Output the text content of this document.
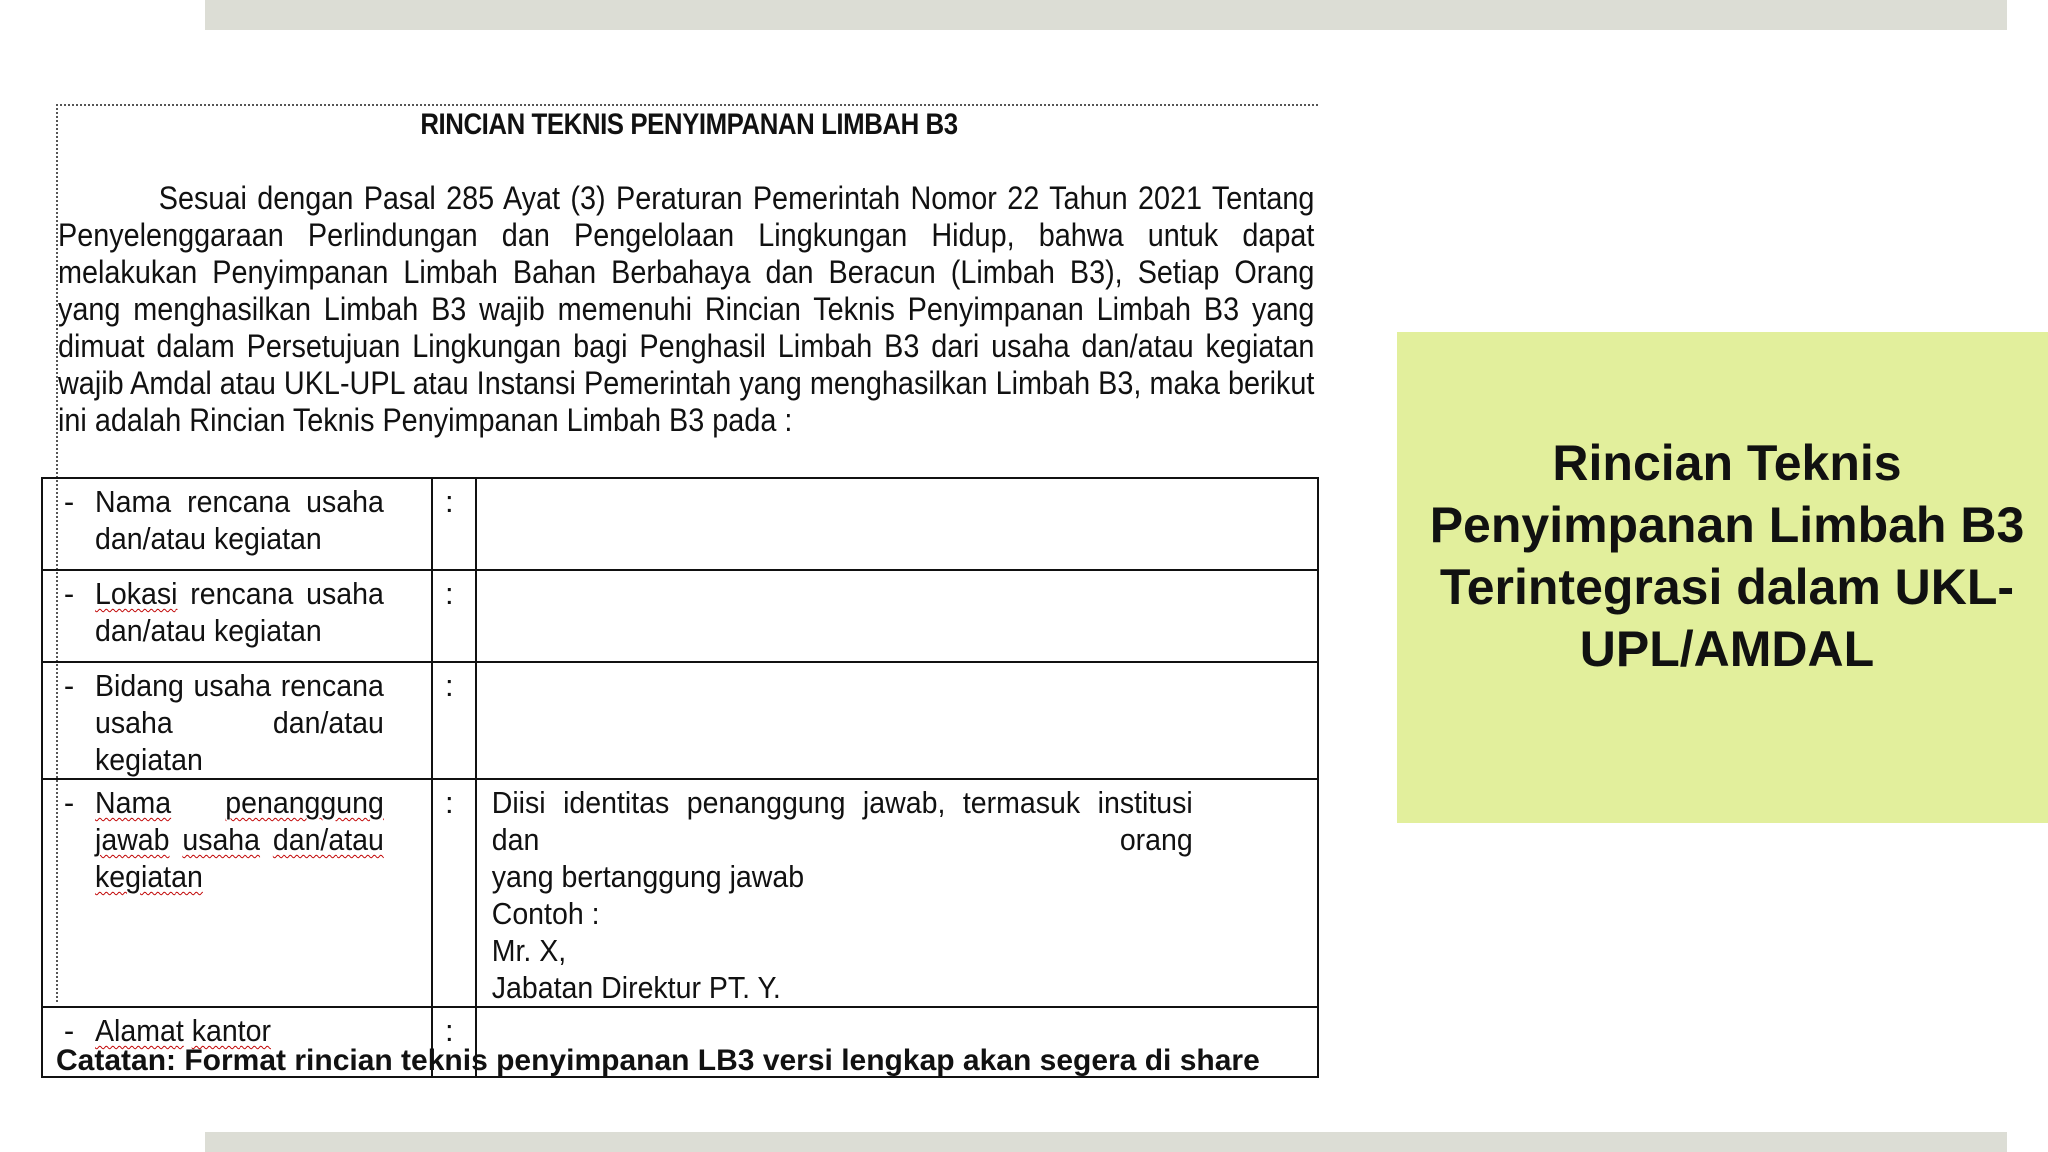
RINCIAN TEKNIS PENYIMPANAN LIMBAH B3
Sesuai dengan Pasal 285 Ayat (3) Peraturan Pemerintah Nomor 22 Tahun 2021 Tentang Penyelenggaraan Perlindungan dan Pengelolaan Lingkungan Hidup, bahwa untuk dapat melakukan Penyimpanan Limbah Bahan Berbahaya dan Beracun (Limbah B3), Setiap Orang yang menghasilkan Limbah B3 wajib memenuhi Rincian Teknis Penyimpanan Limbah B3 yang dimuat dalam Persetujuan Lingkungan bagi Penghasil Limbah B3 dari usaha dan/atau kegiatan wajib Amdal atau UKL-UPL atau Instansi Pemerintah yang menghasilkan Limbah B3, maka berikut ini adalah Rincian Teknis Penyimpanan Limbah B3 pada :
- Nama rencana usaha dan/atau kegiatan	:	

- Lokasi rencana usaha dan/atau kegiatan	:	

- Bidang usaha rencana usaha dan/atau kegiatan	:	

- Nama penanggung jawab usaha dan/atau kegiatan	:	Diisi identitas penanggung jawab, termasuk institusi dan orang
yang bertanggung jawab
Contoh :
Mr. X,
Jabatan Direktur PT. Y.

- Alamat kantor	:	

Catatan: Format rincian teknis penyimpanan LB3 versi lengkap akan segera di share
Rincian Teknis Penyimpanan Limbah B3 Terintegrasi dalam UKL-UPL/AMDAL
